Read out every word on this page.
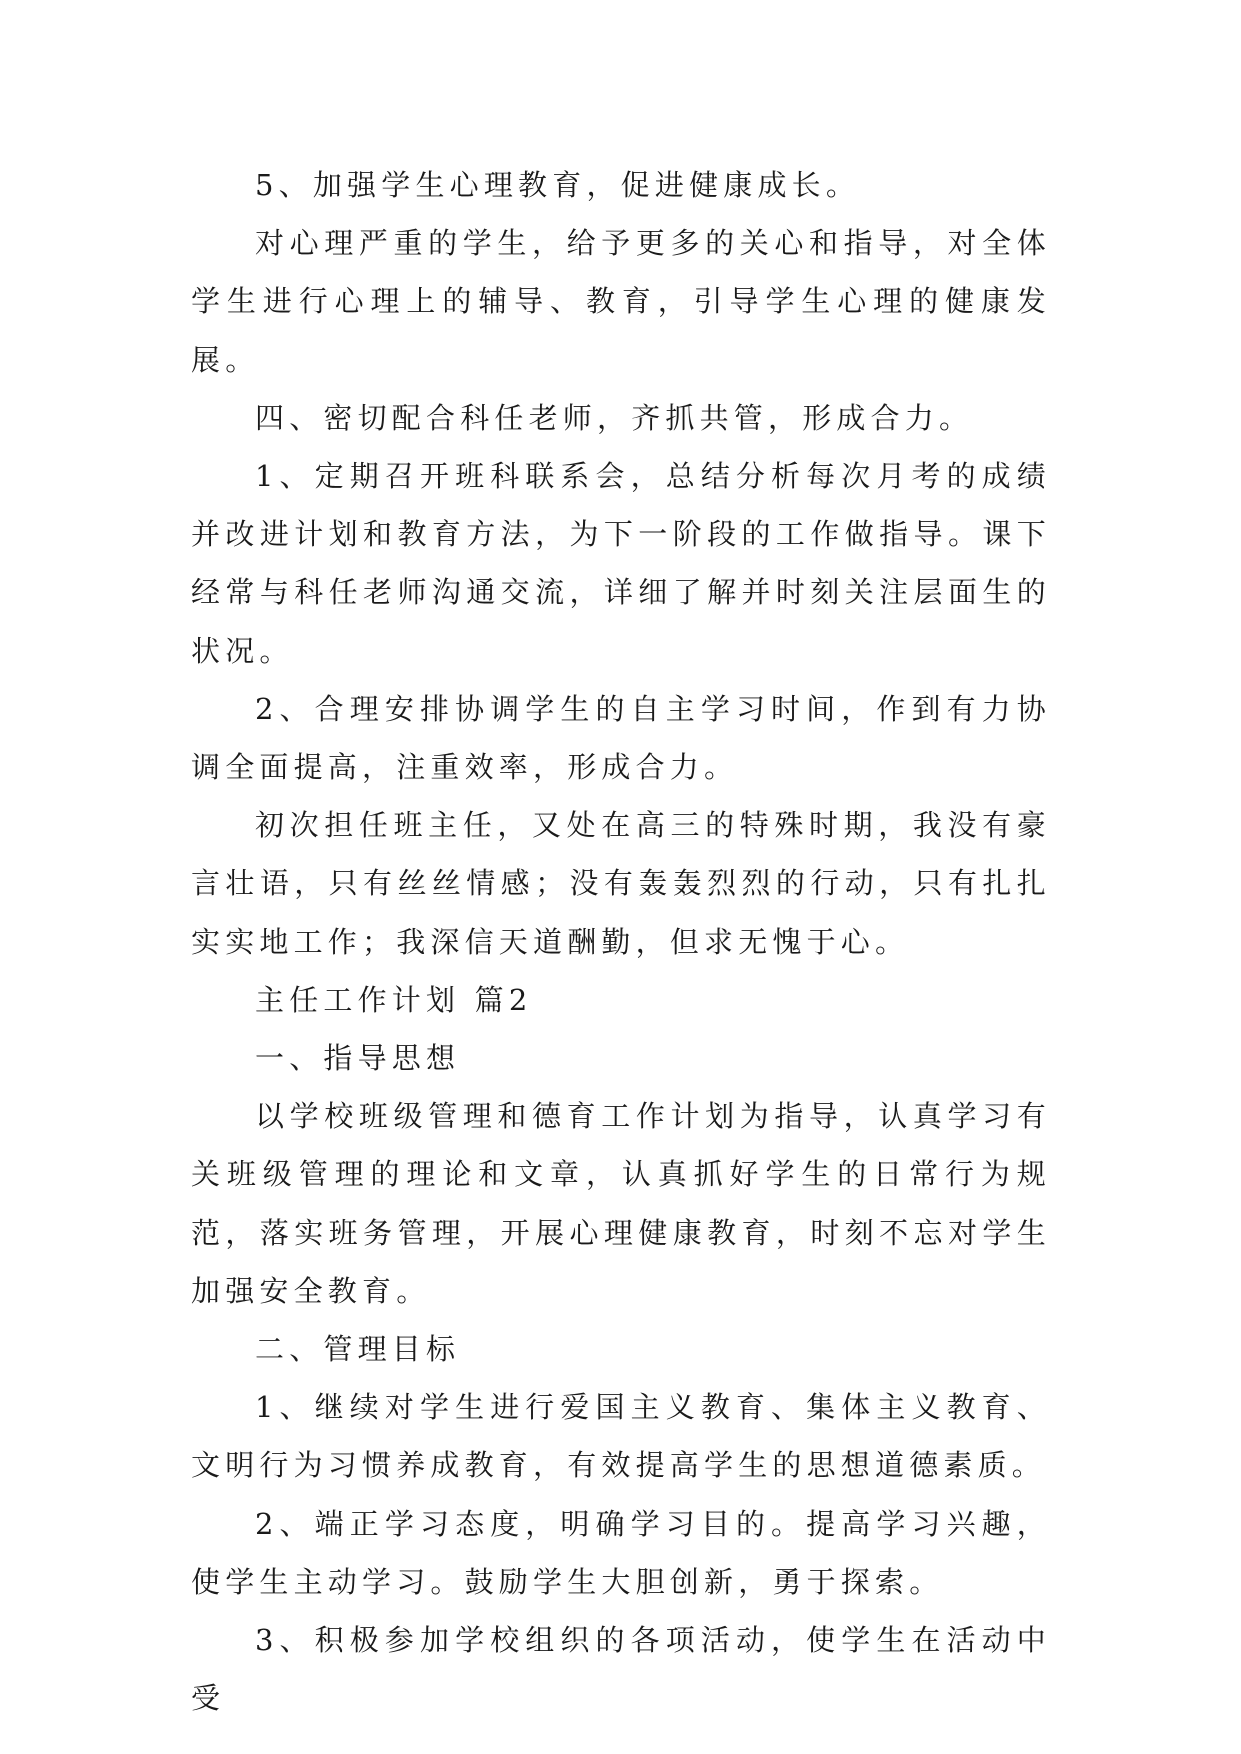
5、加强学生心理教育，促进健康成长。

对心理严重的学生，给予更多的关心和指导，对全体学生进行心理上的辅导、教育，引导学生心理的健康发展。

四、密切配合科任老师，齐抓共管，形成合力。

1、定期召开班科联系会，总结分析每次月考的成绩并改进计划和教育方法，为下一阶段的工作做指导。课下经常与科任老师沟通交流，详细了解并时刻关注层面生的状况。

2、合理安排协调学生的自主学习时间，作到有力协调全面提高，注重效率，形成合力。

初次担任班主任，又处在高三的特殊时期，我没有豪言壮语，只有丝丝情感；没有轰轰烈烈的行动，只有扎扎实实地工作；我深信天道酬勤，但求无愧于心。

主任工作计划 篇2

一、指导思想

以学校班级管理和德育工作计划为指导，认真学习有关班级管理的理论和文章，认真抓好学生的日常行为规范，落实班务管理，开展心理健康教育，时刻不忘对学生加强安全教育。

二、管理目标

1、继续对学生进行爱国主义教育、集体主义教育、文明行为习惯养成教育，有效提高学生的思想道德素质。

2、端正学习态度，明确学习目的。提高学习兴趣，使学生主动学习。鼓励学生大胆创新，勇于探索。

3、积极参加学校组织的各项活动，使学生在活动中受
